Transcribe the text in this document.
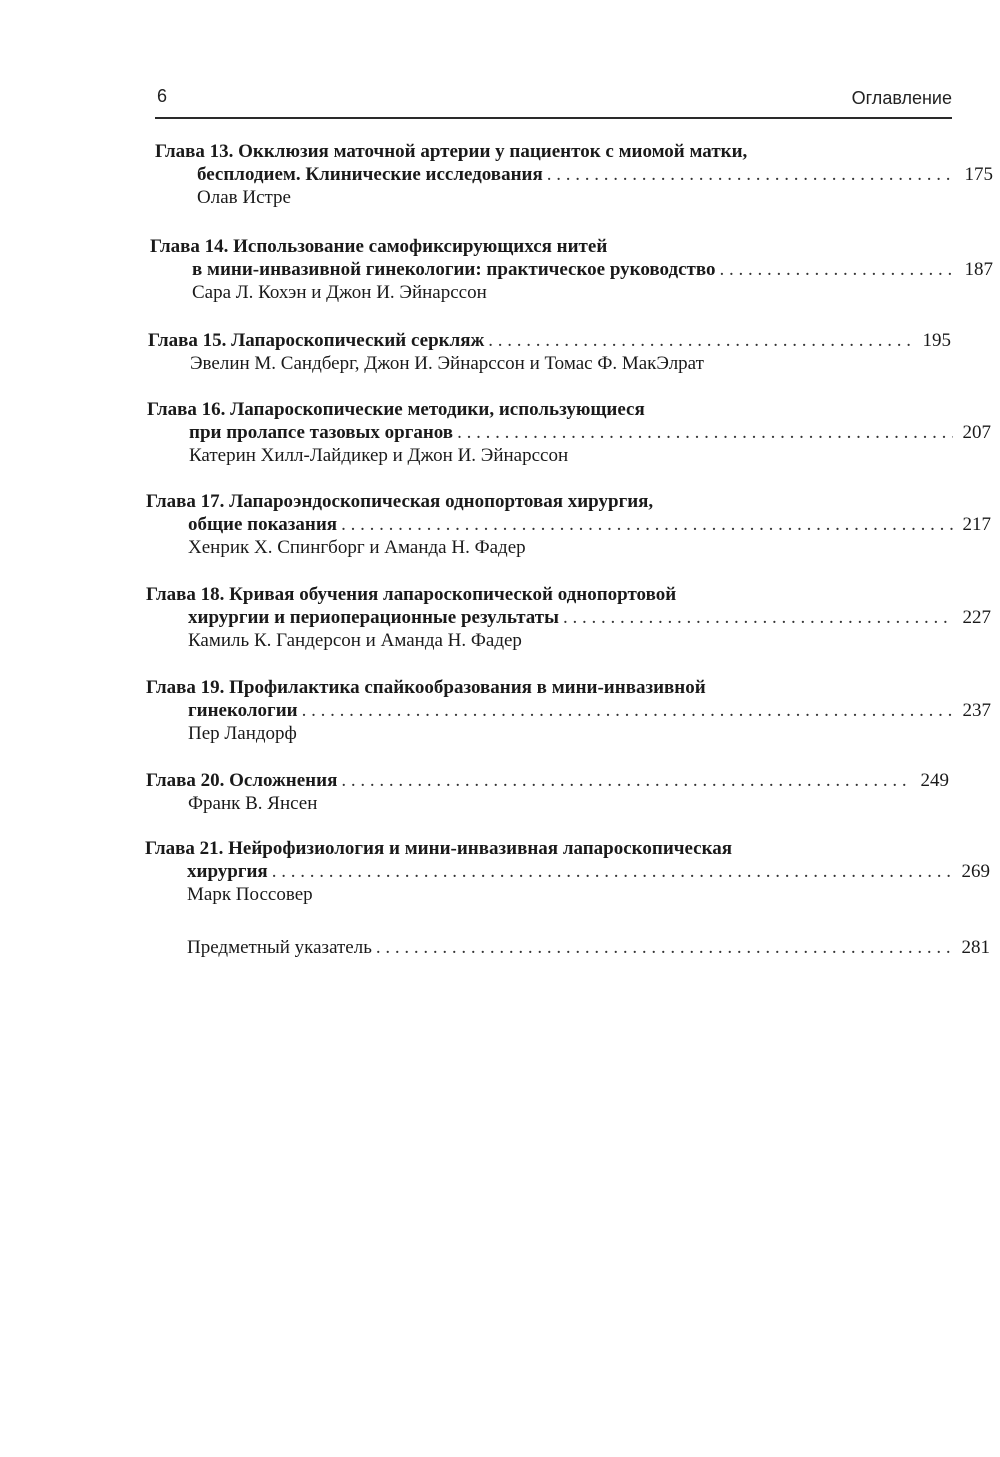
6	Оглавление
Глава 13. Окклюзия маточной артерии у пациенток с миомой матки,
бесплодием. Клинические исследования . . .	175
Олав Истре
Глава 14. Использование самофиксирующихся нитей
в мини-инвазивной гинекологии: практическое руководство . . .	187
Сара Л. Кохэн и Джон И. Эйнарссон
Глава 15. Лапароскопический серкляж . . .	195
Эвелин М. Сандберг, Джон И. Эйнарссон и Томас Ф. МакЭлрат
Глава 16. Лапароскопические методики, использующиеся
при пролапсе тазовых органов . . .	207
Катерин Хилл-Лайдикер и Джон И. Эйнарссон
Глава 17. Лапароэндоскопическая однопортовая хирургия,
общие показания . . .	217
Хенрик Х. Спингборг и Аманда Н. Фадер
Глава 18. Кривая обучения лапароскопической однопортовой
хирургии и периоперационные результаты . . .	227
Камиль К. Гандерсон и Аманда Н. Фадер
Глава 19. Профилактика спайкообразования в мини-инвазивной
гинекологии . . .	237
Пер Ландорф
Глава 20. Осложнения . . .	249
Франк В. Янсен
Глава 21. Нейрофизиология и мини-инвазивная лапароскопическая
хирургия . . .	269
Марк Поссовер
Предметный указатель . . .	281
